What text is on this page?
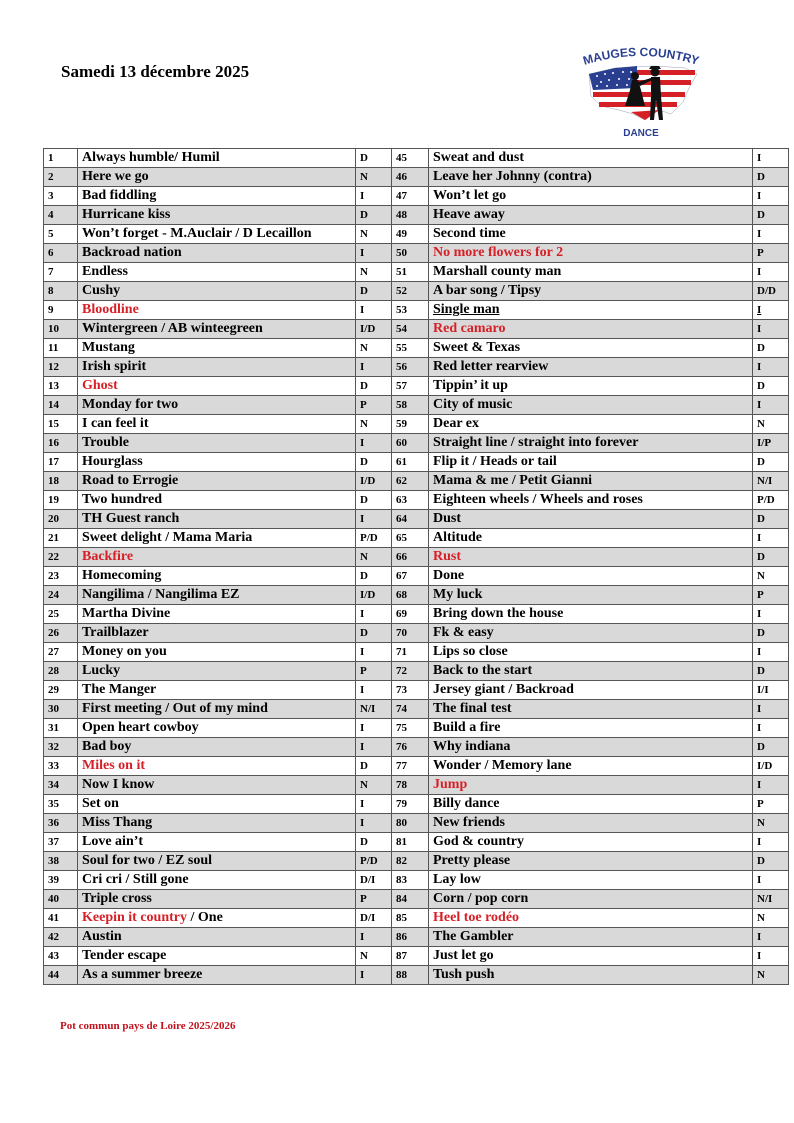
Samedi 13 décembre 2025
MAUGES COUNTRY
DANCE
1	Always humble/ Humil	D	45	Sweat and dust	I
2	Here we go	N	46	Leave her Johnny (contra)	D
3	Bad fiddling	I	47	Won’t let go	I
4	Hurricane kiss	D	48	Heave away	D
5	Won’t forget - M.Auclair / D Lecaillon	N	49	Second time	I
6	Backroad nation	I	50	No more flowers for 2	P
7	Endless	N	51	Marshall county man	I
8	Cushy	D	52	A bar song / Tipsy	D/D
9	Bloodline	I	53	Single man	I
10	Wintergreen / AB winteegreen	I/D	54	Red camaro	I
11	Mustang	N	55	Sweet & Texas	D
12	Irish spirit	I	56	Red letter rearview	I
13	Ghost	D	57	Tippin’ it up	D
14	Monday for two	P	58	City of music	I
15	I can feel it	N	59	Dear ex	N
16	Trouble	I	60	Straight line / straight into forever	I/P
17	Hourglass	D	61	Flip it / Heads or tail	D
18	Road to Errogie	I/D	62	Mama & me / Petit Gianni	N/I
19	Two hundred	D	63	Eighteen wheels / Wheels and roses	P/D
20	TH Guest ranch	I	64	Dust	D
21	Sweet delight / Mama Maria	P/D	65	Altitude	I
22	Backfire	N	66	Rust	D
23	Homecoming	D	67	Done	N
24	Nangilima / Nangilima EZ	I/D	68	My luck	P
25	Martha Divine	I	69	Bring down the house	I
26	Trailblazer	D	70	Fk & easy	D
27	Money on you	I	71	Lips so close	I
28	Lucky	P	72	Back to the start	D
29	The Manger	I	73	Jersey giant / Backroad	I/I
30	First meeting / Out of my mind	N/I	74	The final test	I
31	Open heart cowboy	I	75	Build a fire	I
32	Bad boy	I	76	Why indiana	D
33	Miles on it	D	77	Wonder / Memory lane	I/D
34	Now I know	N	78	Jump	I
35	Set on	I	79	Billy dance	P
36	Miss Thang	I	80	New friends	N
37	Love ain’t	D	81	God & country	I
38	Soul for two / EZ soul	P/D	82	Pretty please	D
39	Cri cri / Still gone	D/I	83	Lay low	I
40	Triple cross	P	84	Corn / pop corn	N/I
41	Keepin it country / One	D/I	85	Heel toe rodéo	N
42	Austin	I	86	The Gambler	I
43	Tender escape	N	87	Just let go	I
44	As a summer breeze	I	88	Tush push	N
Pot commun pays de Loire 2025/2026
